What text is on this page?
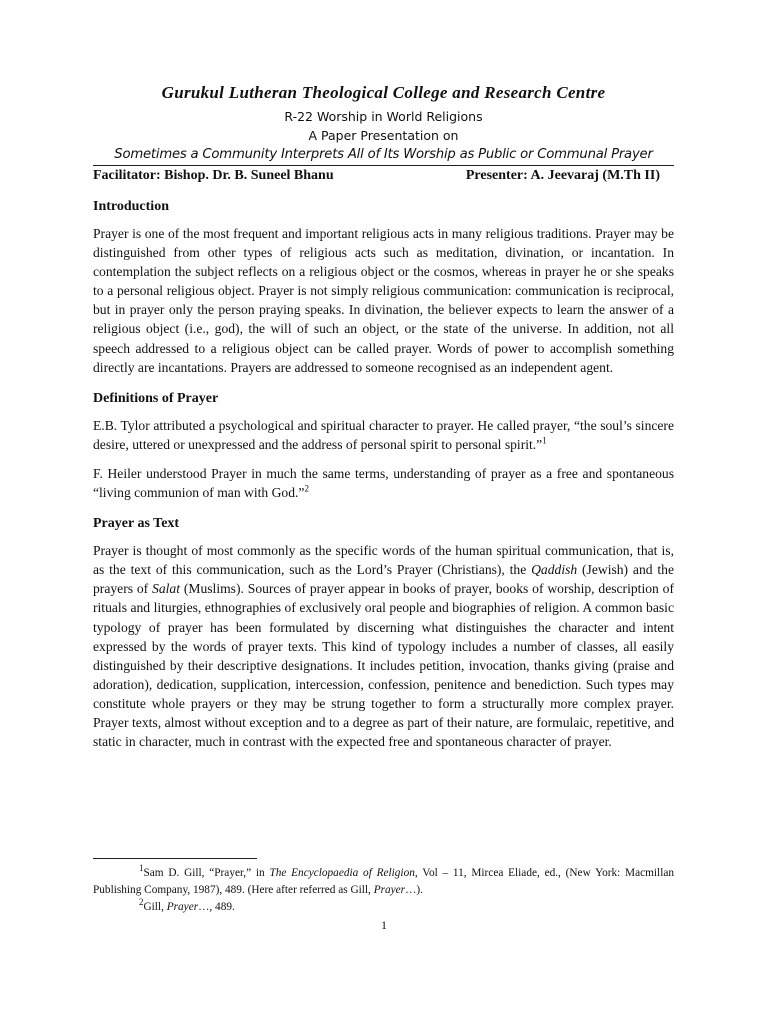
Gurukul Lutheran Theological College and Research Centre

R-22 Worship in World Religions

A Paper Presentation on

Sometimes a Community Interprets All of Its Worship as Public or Communal Prayer

Facilitator: Bishop. Dr. B. Suneel Bhanu	Presenter: A. Jeevaraj (M.Th II)
Introduction

Prayer is one of the most frequent and important religious acts in many religious traditions. Prayer may be distinguished from other types of religious acts such as meditation, divination, or incantation. In contemplation the subject reflects on a religious object or the cosmos, whereas in prayer he or she speaks to a personal religious object. Prayer is not simply religious communication: communication is reciprocal, but in prayer only the person praying speaks. In divination, the believer expects to learn the answer of a religious object (i.e., god), the will of such an object, or the state of the universe. In addition, not all speech addressed to a religious object can be called prayer. Words of power to accomplish something directly are incantations. Prayers are addressed to someone recognised as an independent agent.

Definitions of Prayer

E.B. Tylor attributed a psychological and spiritual character to prayer. He called prayer, “the soul’s sincere desire, uttered or unexpressed and the address of personal spirit to personal spirit.”$^1$

F. Heiler understood Prayer in much the same terms, understanding of prayer as a free and spontaneous “living communion of man with God.”$^2$

Prayer as Text

Prayer is thought of most commonly as the specific words of the human spiritual communication, that is, as the text of this communication, such as the Lord’s Prayer (Christians), the Qaddish (Jewish) and the prayers of Salat (Muslims). Sources of prayer appear in books of prayer, books of worship, description of rituals and liturgies, ethnographies of exclusively oral people and biographies of religion. A common basic typology of prayer has been formulated by discerning what distinguishes the character and intent expressed by the words of prayer texts. This kind of typology includes a number of classes, all easily distinguished by their descriptive designations. It includes petition, invocation, thanks giving (praise and adoration), dedication, supplication, intercession, confession, penitence and benediction. Such types may constitute whole prayers or they may be strung together to form a structurally more complex prayer. Prayer texts, almost without exception and to a degree as part of their nature, are formulaic, repetitive, and static in character, much in contrast with the expected free and spontaneous character of prayer.

$^1$Sam D. Gill, “Prayer,” in The Encyclopaedia of Religion, Vol – 11, Mircea Eliade, ed., (New York: Macmillan Publishing Company, 1987), 489. (Here after referred as Gill, Prayer…).

$^2$Gill, Prayer…, 489.

1
